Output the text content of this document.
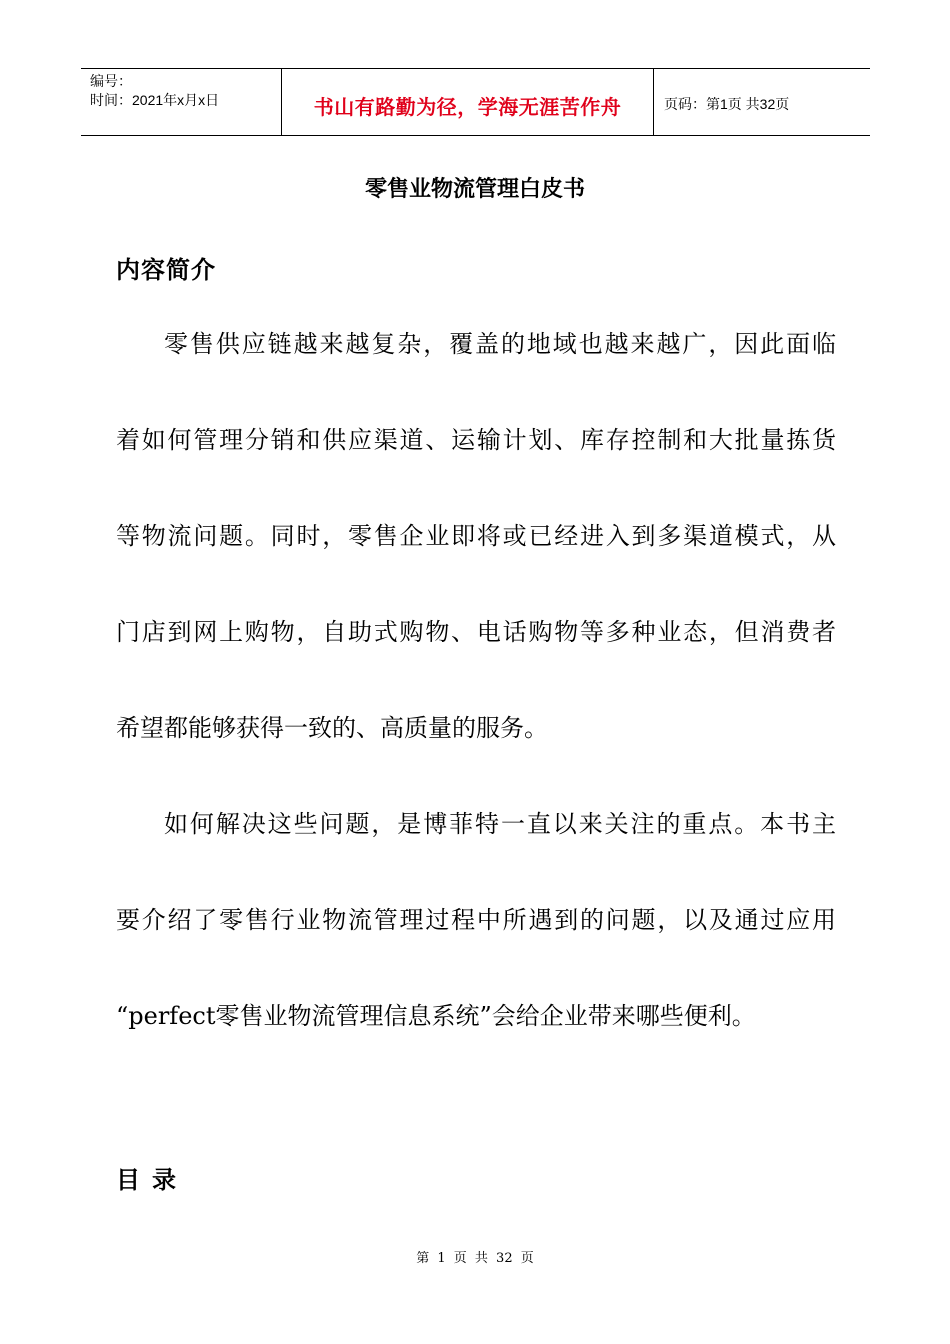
编号：
时间：2021年x月x日	书山有路勤为径，学海无涯苦作舟	页码：第1页 共32页
零售业物流管理白皮书
内容简介
零售供应链越来越复杂，覆盖的地域也越来越广，因此面临
着如何管理分销和供应渠道、运输计划、库存控制和大批量拣货
等物流问题。同时，零售企业即将或已经进入到多渠道模式，从
门店到网上购物，自助式购物、电话购物等多种业态，但消费者
希望都能够获得一致的、高质量的服务。
如何解决这些问题，是博菲特一直以来关注的重点。本书主
要介绍了零售行业物流管理过程中所遇到的问题，以及通过应用
“perfect零售业物流管理信息系统”会给企业带来哪些便利。
目录
第 1 页 共 32 页
